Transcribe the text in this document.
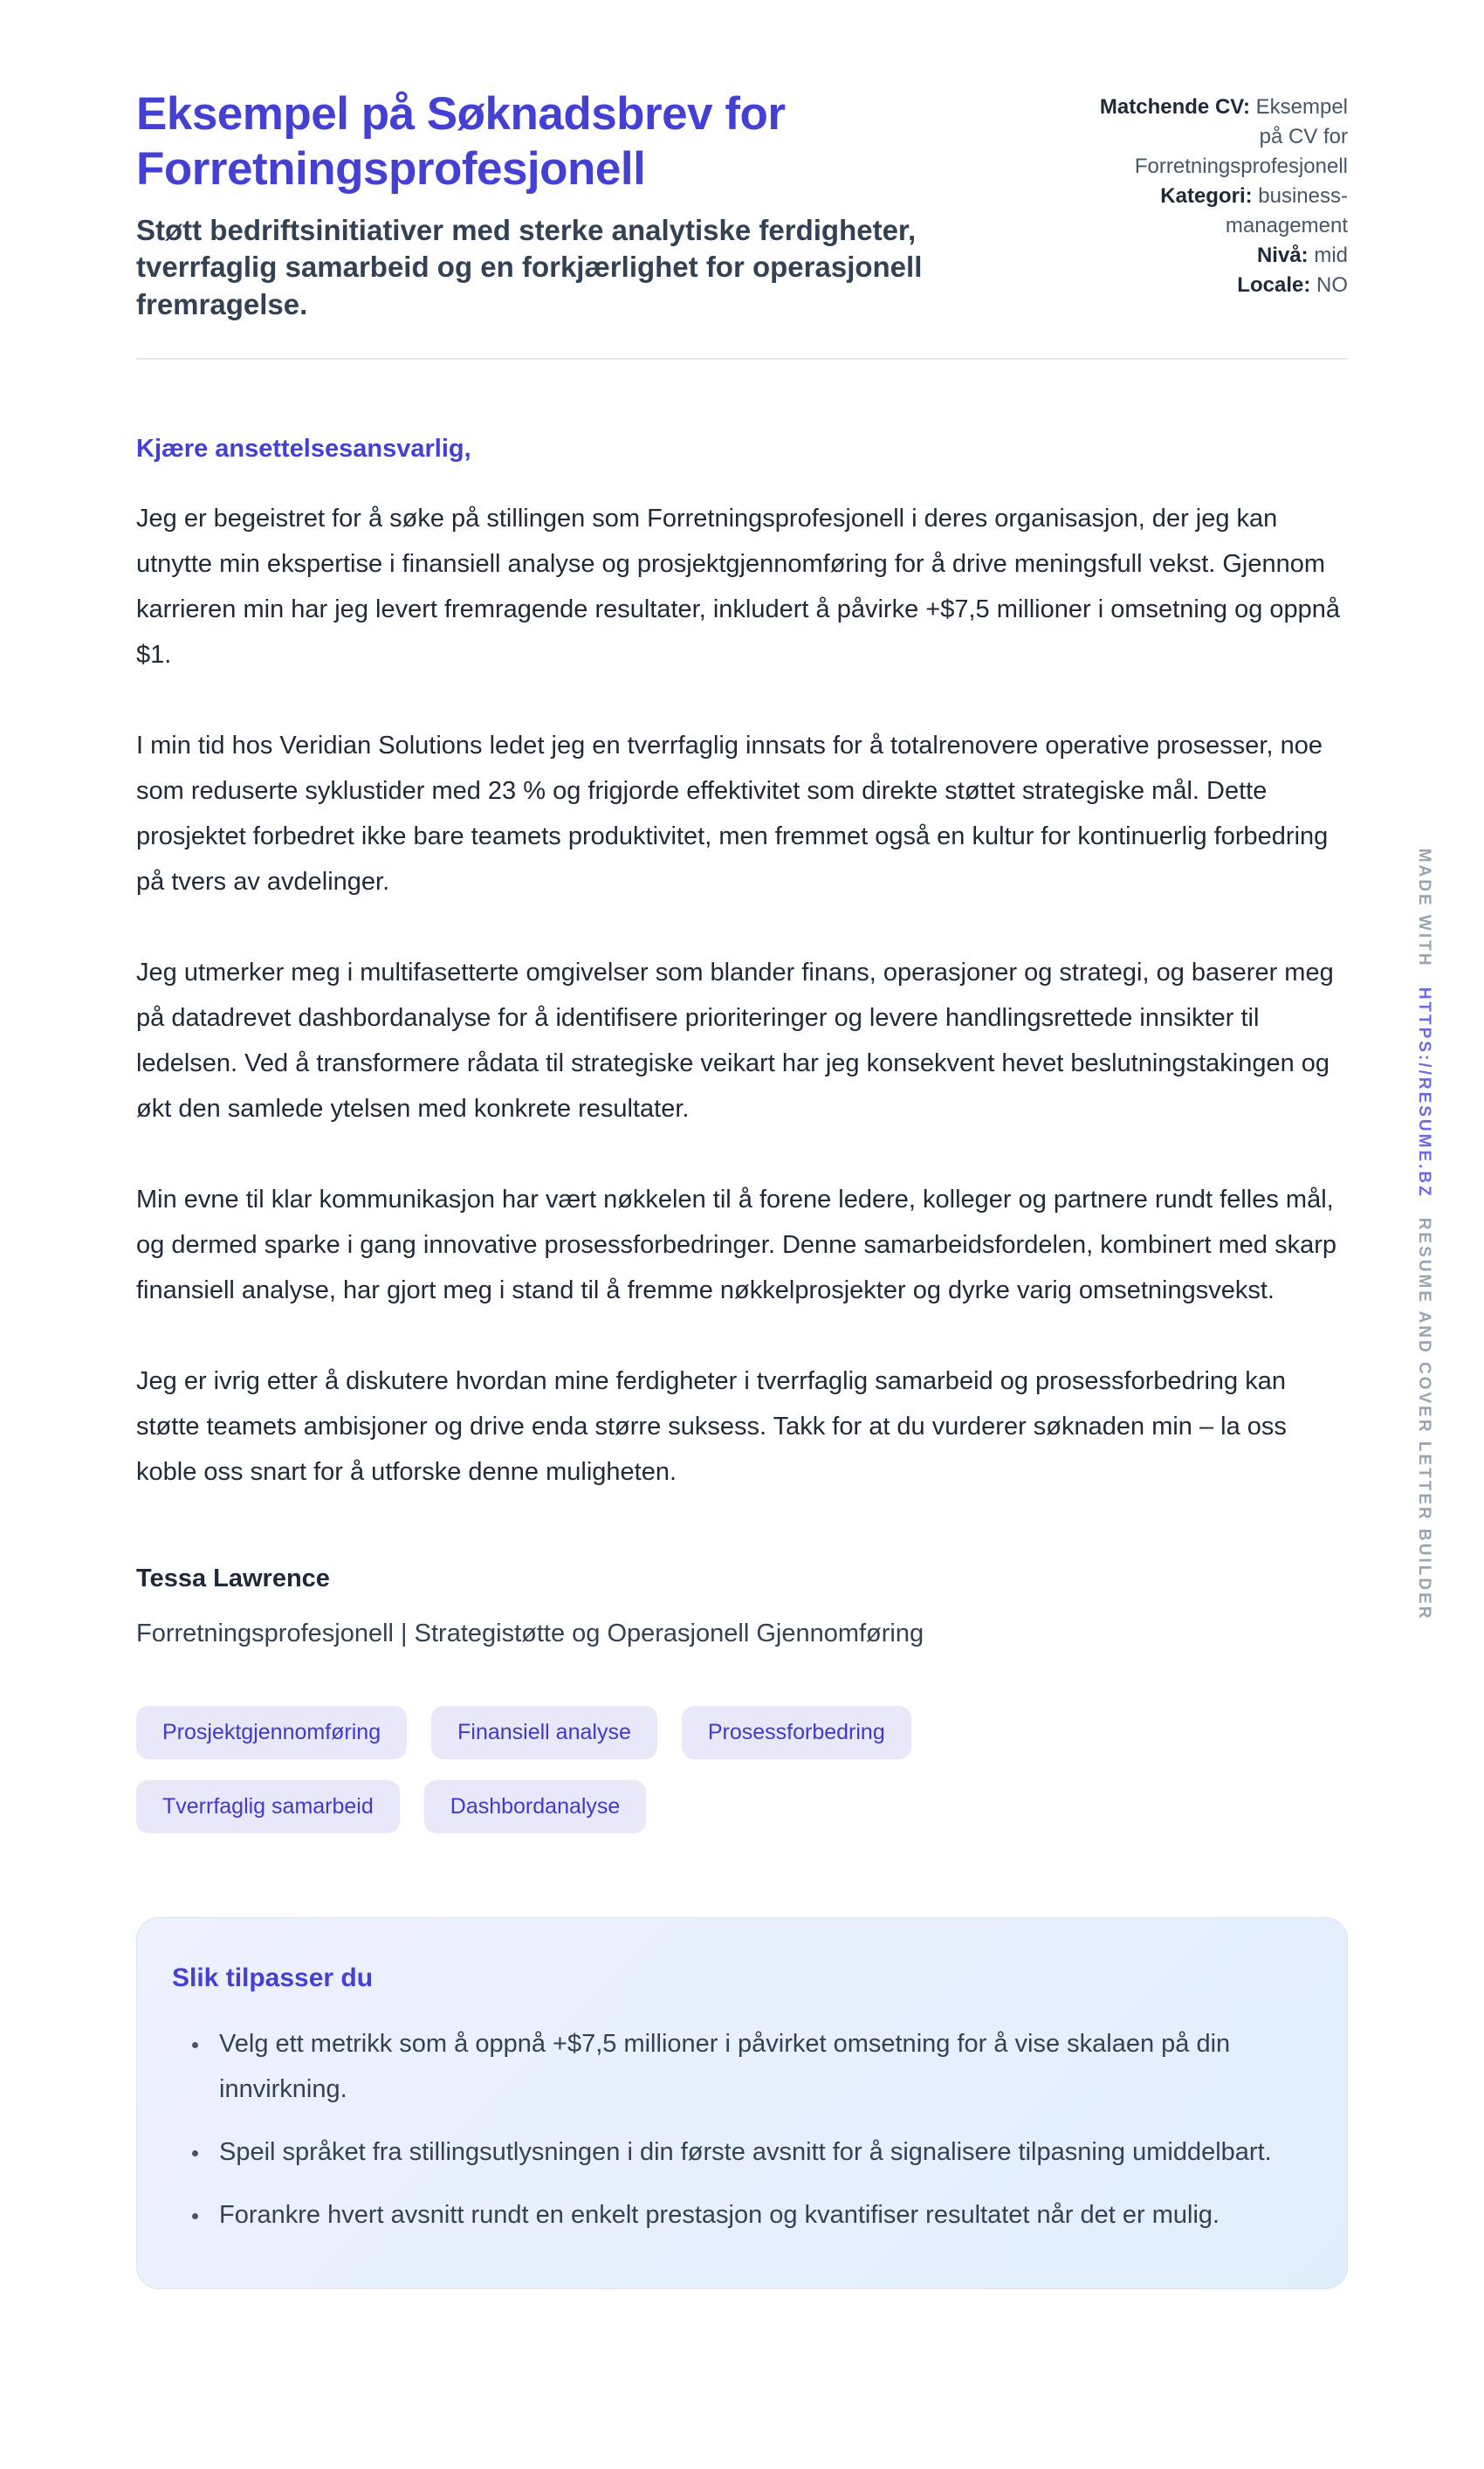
Eksempel på Søknadsbrev for Forretningsprofesjonell

Støtt bedriftsinitiativer med sterke analytiske ferdigheter, tverrfaglig samarbeid og en forkjærlighet for operasjonell fremragelse.

Matchende CV: Eksempel på CV for Forretningsprofesjonell
Kategori: business-management
Nivå: mid
Locale: NO

Kjære ansettelsesansvarlig,

Jeg er begeistret for å søke på stillingen som Forretningsprofesjonell i deres organisasjon, der jeg kan utnytte min ekspertise i finansiell analyse og prosjektgjennomføring for å drive meningsfull vekst. Gjennom karrieren min har jeg levert fremragende resultater, inkludert å påvirke +$7,5 millioner i omsetning og oppnå $1.

I min tid hos Veridian Solutions ledet jeg en tverrfaglig innsats for å totalrenovere operative prosesser, noe som reduserte syklustider med 23 % og frigjorde effektivitet som direkte støttet strategiske mål. Dette prosjektet forbedret ikke bare teamets produktivitet, men fremmet også en kultur for kontinuerlig forbedring på tvers av avdelinger.

Jeg utmerker meg i multifasetterte omgivelser som blander finans, operasjoner og strategi, og baserer meg på datadrevet dashbordanalyse for å identifisere prioriteringer og levere handlingsrettede innsikter til ledelsen. Ved å transformere rådata til strategiske veikart har jeg konsekvent hevet beslutningstakingen og økt den samlede ytelsen med konkrete resultater.

Min evne til klar kommunikasjon har vært nøkkelen til å forene ledere, kolleger og partnere rundt felles mål, og dermed sparke i gang innovative prosessforbedringer. Denne samarbeidsfordelen, kombinert med skarp finansiell analyse, har gjort meg i stand til å fremme nøkkelprosjekter og dyrke varig omsetningsvekst.

Jeg er ivrig etter å diskutere hvordan mine ferdigheter i tverrfaglig samarbeid og prosessforbedring kan støtte teamets ambisjoner og drive enda større suksess. Takk for at du vurderer søknaden min – la oss koble oss snart for å utforske denne muligheten.

Tessa Lawrence

Forretningsprofesjonell | Strategistøtte og Operasjonell Gjennomføring

Prosjektgjennomføring	Finansiell analyse	Prosessforbedring
Tverrfaglig samarbeid	Dashbordanalyse
Slik tilpasser du
• Velg ett metrikk som å oppnå +$7,5 millioner i påvirket omsetning for å vise skalaen på din innvirkning.
• Speil språket fra stillingsutlysningen i din første avsnitt for å signalisere tilpasning umiddelbart.
• Forankre hvert avsnitt rundt en enkelt prestasjon og kvantifiser resultatet når det er mulig.
MADE WITH
HTTPS://RESUME.BZ
RESUME AND COVER LETTER BUILDER
